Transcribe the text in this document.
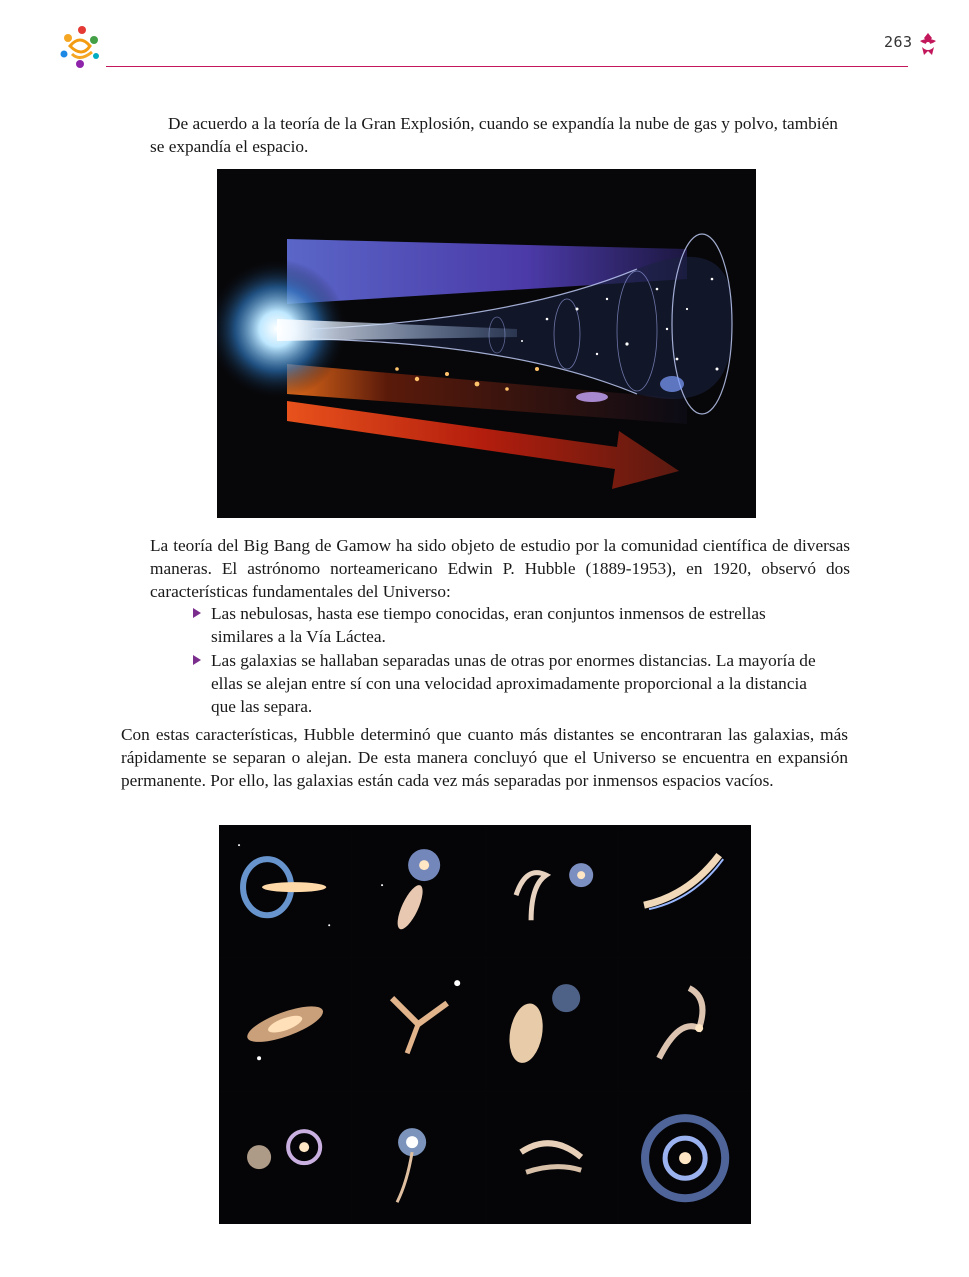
263

De acuerdo a la teoría de la Gran Explosión, cuando se expandía la nube de gas y polvo, también se expandía el espacio.

La teoría del Big Bang de Gamow ha sido objeto de estudio por la comunidad científica de diversas maneras. El astrónomo norteamericano Edwin P. Hubble (1889-1953), en 1920, observó dos características fundamentales del Universo:

Las nebulosas, hasta ese tiempo conocidas, eran conjuntos inmensos de estrellas similares a la Vía Láctea.
Las galaxias se hallaban separadas unas de otras por enormes distancias. La mayoría de ellas se alejan entre sí con una velocidad aproximadamente proporcional a la distancia que las separa.

Con estas características, Hubble determinó que cuanto más distantes se encontraran las galaxias, más rápidamente se separan o alejan. De esta manera concluyó que el Universo se encuentra en expansión permanente. Por ello, las galaxias están cada vez más separadas por inmensos espacios vacíos.
